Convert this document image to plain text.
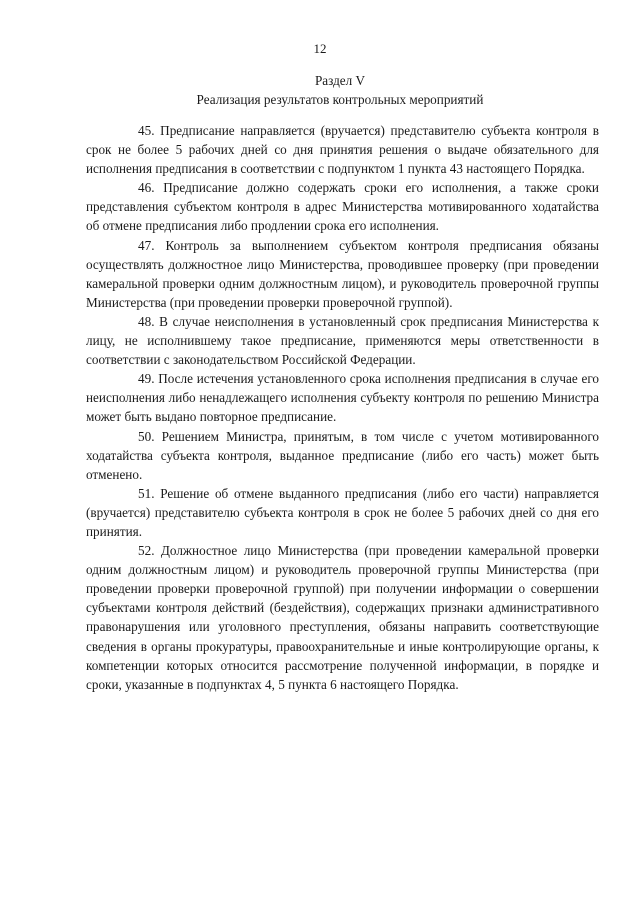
12
Раздел V
Реализация результатов контрольных мероприятий

45. Предписание направляется (вручается) представителю субъекта контроля в срок не более 5 рабочих дней со дня принятия решения о выдаче обязательного для исполнения предписания в соответствии с подпунктом 1 пункта 43 настоящего Порядка.

46. Предписание должно содержать сроки его исполнения, а также сроки представления субъектом контроля в адрес Министерства мотивированного ходатайства об отмене предписания либо продлении срока его исполнения.

47. Контроль за выполнением субъектом контроля предписания обязаны осуществлять должностное лицо Министерства, проводившее проверку (при проведении камеральной проверки одним должностным лицом), и руководитель проверочной группы Министерства (при проведении проверки проверочной группой).

48. В случае неисполнения в установленный срок предписания Министерства к лицу, не исполнившему такое предписание, применяются меры ответственности в соответствии с законодательством Российской Федерации.

49. После истечения установленного срока исполнения предписания в случае его неисполнения либо ненадлежащего исполнения субъекту контроля по решению Министра может быть выдано повторное предписание.

50. Решением Министра, принятым, в том числе с учетом мотивированного ходатайства субъекта контроля, выданное предписание (либо его часть) может быть отменено.

51. Решение об отмене выданного предписания (либо его части) направляется (вручается) представителю субъекта контроля в срок не более 5 рабочих дней со дня его принятия.

52. Должностное лицо Министерства (при проведении камеральной проверки одним должностным лицом) и руководитель проверочной группы Министерства (при проведении проверки проверочной группой) при получении информации о совершении субъектами контроля действий (бездействия), содержащих признаки административного правонарушения или уголовного преступления, обязаны направить соответствующие сведения в органы прокуратуры, правоохранительные и иные контролирующие органы, к компетенции которых относится рассмотрение полученной информации, в порядке и сроки, указанные в подпунктах 4, 5 пункта 6 настоящего Порядка.
